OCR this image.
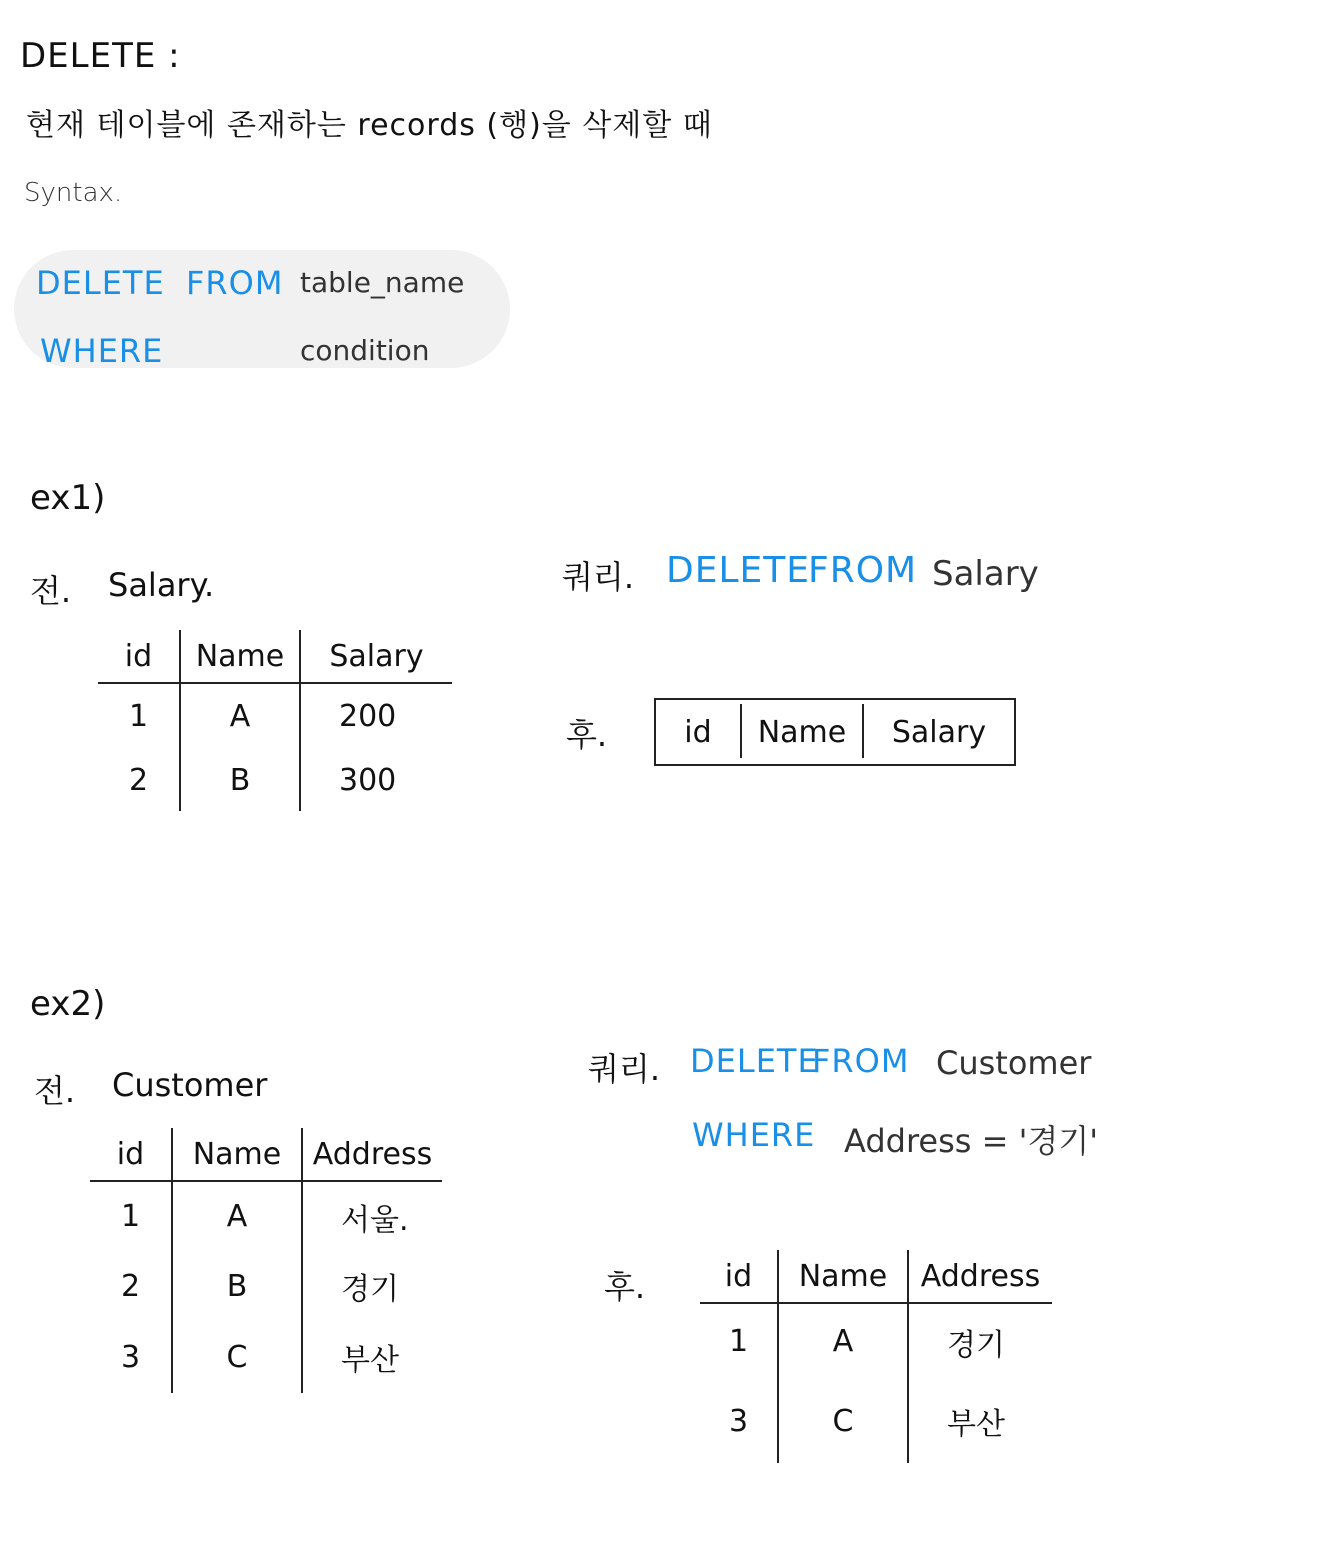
DELETE :
현재 테이블에 존재하는 records (행)을 삭제할 때
Syntax.
DELETE FROM table_name
WHERE	condition
ex1)
전. Salary.
id	Name	Salary
1	A	200
2	B	300
쿼리. DELETE
FROM Salary
후.	id	Name	Salary
ex2)
전. Customer
id	Name	Address
1	A	서울.
2	B	경기
3	C	부산
쿼리. DELETE
FROM Customer
WHERE Address = '경기'
후.	id	Name	Address
1	A	경기
3	C	부산
